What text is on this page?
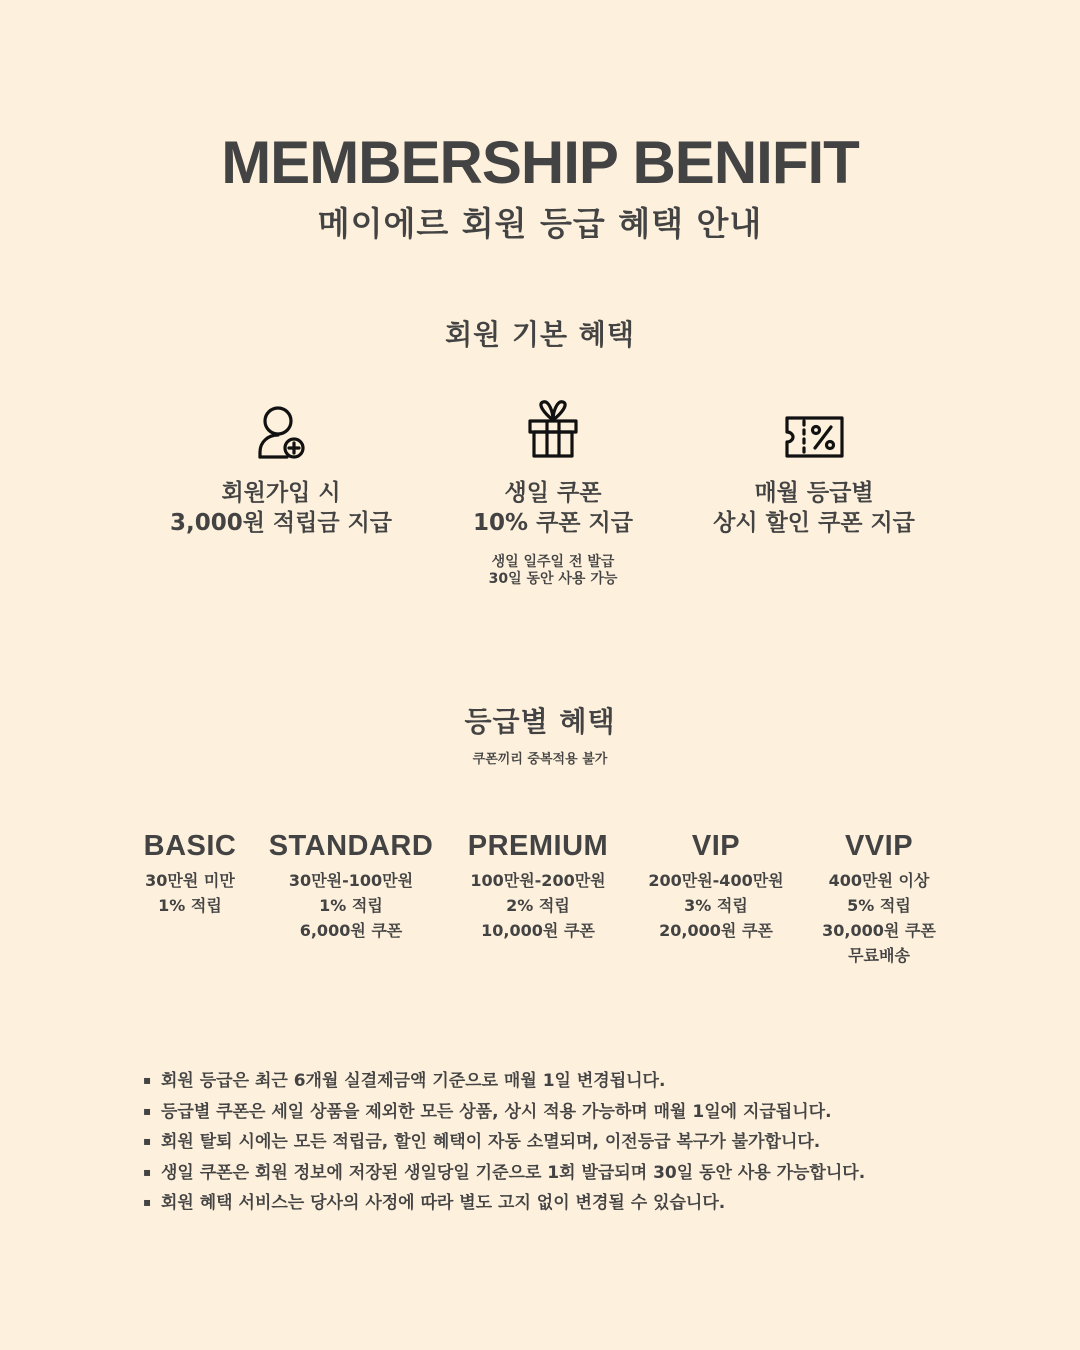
MEMBERSHIP BENIFIT
메이에르 회원 등급 혜택 안내
회원 기본 혜택
회원가입 시
3,000원 적립금 지급
생일 쿠폰
10% 쿠폰 지급
생일 일주일 전 발급
30일 동안 사용 가능
매월 등급별
상시 할인 쿠폰 지급
등급별 혜택
쿠폰끼리 중복적용 불가
BASIC
30만원 미만
1% 적립
STANDARD
30만원-100만원
1% 적립
6,000원 쿠폰
PREMIUM
100만원-200만원
2% 적립
10,000원 쿠폰
VIP
200만원-400만원
3% 적립
20,000원 쿠폰
VVIP
400만원 이상
5% 적립
30,000원 쿠폰
무료배송
▪ 회원 등급은 최근 6개월 실결제금액 기준으로 매월 1일 변경됩니다.
▪ 등급별 쿠폰은 세일 상품을 제외한 모든 상품, 상시 적용 가능하며 매월 1일에 지급됩니다.
▪ 회원 탈퇴 시에는 모든 적립금, 할인 혜택이 자동 소멸되며, 이전등급 복구가 불가합니다.
▪ 생일 쿠폰은 회원 정보에 저장된 생일당일 기준으로 1회 발급되며 30일 동안 사용 가능합니다.
▪ 회원 혜택 서비스는 당사의 사정에 따라 별도 고지 없이 변경될 수 있습니다.
